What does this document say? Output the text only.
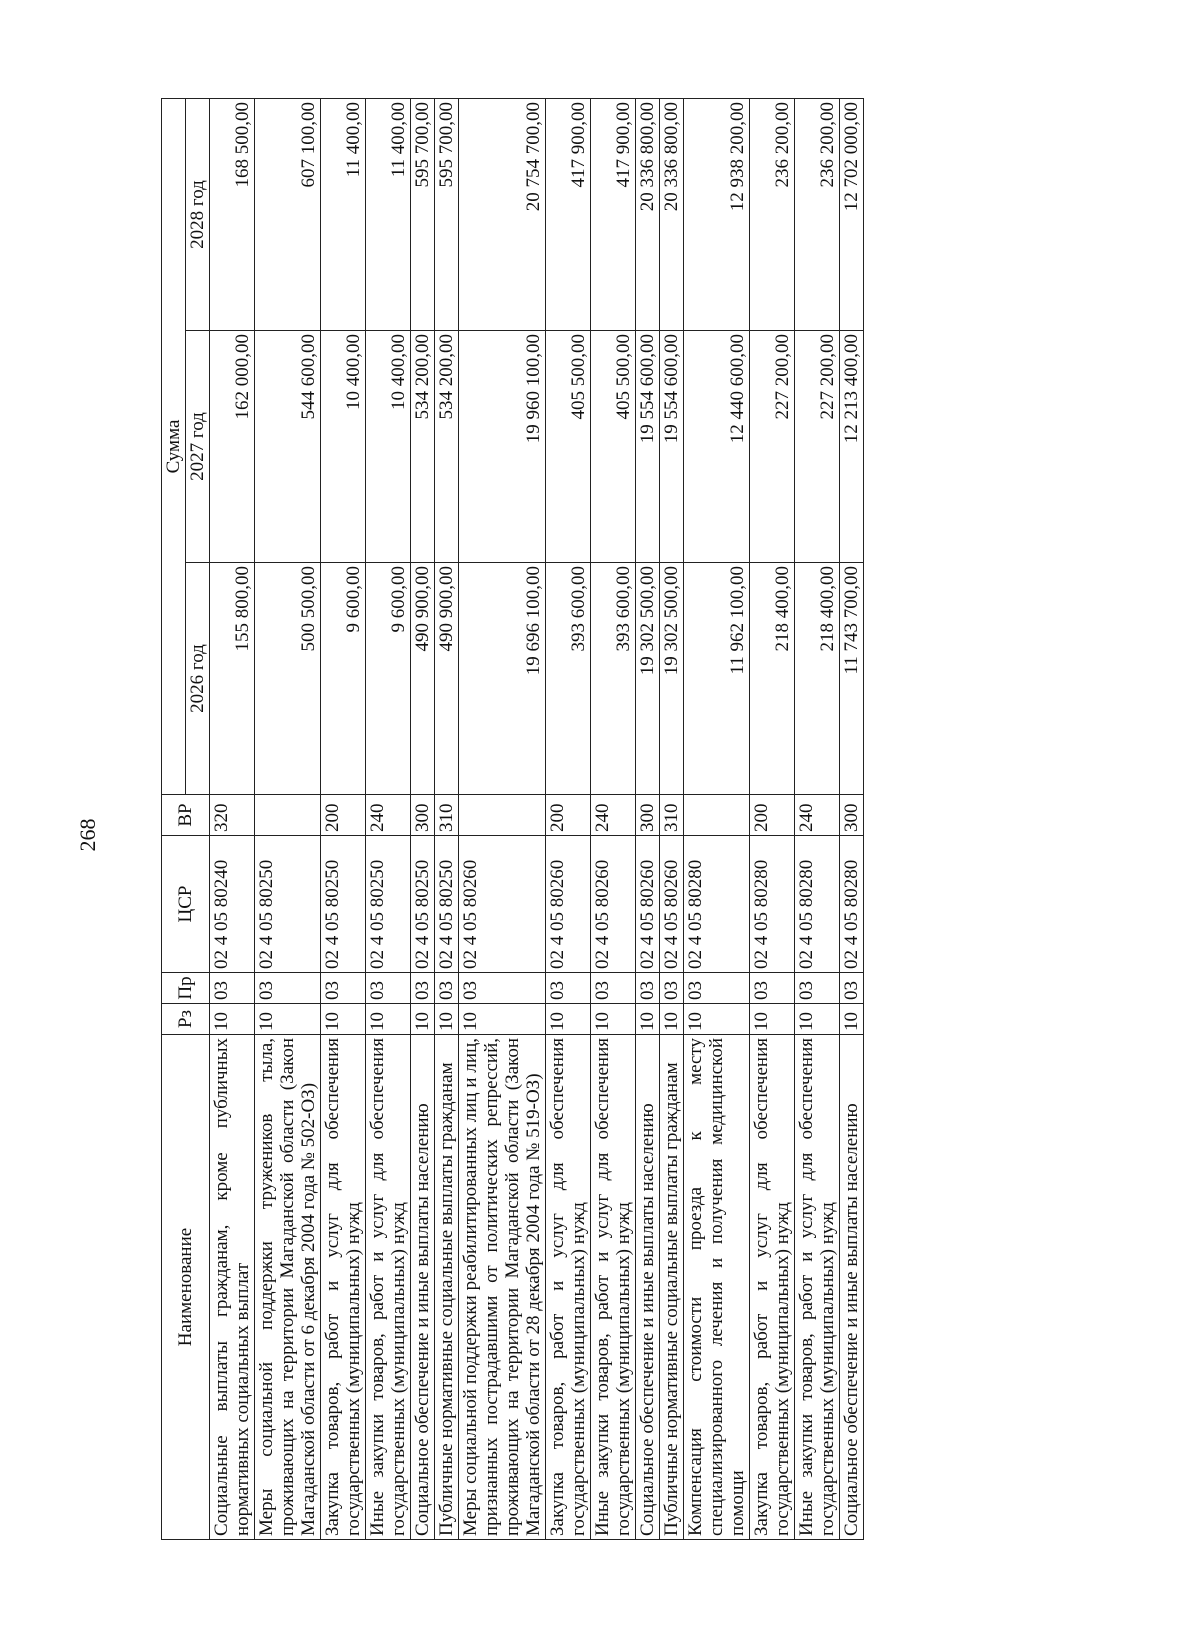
268
Наименование	Рз	Пр	ЦСР	ВР	Сумма		
					2026 год	2027 год	2028 год
Социальные выплаты гражданам, кроме публичных нормативных социальных выплат	10	03	02 4 05 80240	320	155 800,00	162 000,00	168 500,00
Меры социальной поддержки тружеников тыла, проживающих на территории Магаданской области (Закон Магаданской области от 6 декабря 2004 года № 502-ОЗ)	10	03	02 4 05 80250		500 500,00	544 600,00	607 100,00
Закупка товаров, работ и услуг для обеспечения государственных (муниципальных) нужд	10	03	02 4 05 80250	200	9 600,00	10 400,00	11 400,00
Иные закупки товаров, работ и услуг для обеспечения государственных (муниципальных) нужд	10	03	02 4 05 80250	240	9 600,00	10 400,00	11 400,00
Социальное обеспечение и иные выплаты населению	10	03	02 4 05 80250	300	490 900,00	534 200,00	595 700,00
Публичные нормативные социальные выплаты гражданам	10	03	02 4 05 80250	310	490 900,00	534 200,00	595 700,00
Меры социальной поддержки реабилитированных лиц и лиц, признанных пострадавшими от политических репрессий, проживающих на территории Магаданской области (Закон Магаданской области от 28 декабря 2004 года № 519-ОЗ)	10	03	02 4 05 80260		19 696 100,00	19 960 100,00	20 754 700,00
Закупка товаров, работ и услуг для обеспечения государственных (муниципальных) нужд	10	03	02 4 05 80260	200	393 600,00	405 500,00	417 900,00
Иные закупки товаров, работ и услуг для обеспечения государственных (муниципальных) нужд	10	03	02 4 05 80260	240	393 600,00	405 500,00	417 900,00
Социальное обеспечение и иные выплаты населению	10	03	02 4 05 80260	300	19 302 500,00	19 554 600,00	20 336 800,00
Публичные нормативные социальные выплаты гражданам	10	03	02 4 05 80260	310	19 302 500,00	19 554 600,00	20 336 800,00
Компенсация стоимости проезда к месту специализированного лечения и получения медицинской помощи	10	03	02 4 05 80280		11 962 100,00	12 440 600,00	12 938 200,00
Закупка товаров, работ и услуг для обеспечения государственных (муниципальных) нужд	10	03	02 4 05 80280	200	218 400,00	227 200,00	236 200,00
Иные закупки товаров, работ и услуг для обеспечения государственных (муниципальных) нужд	10	03	02 4 05 80280	240	218 400,00	227 200,00	236 200,00
Социальное обеспечение и иные выплаты населению	10	03	02 4 05 80280	300	11 743 700,00	12 213 400,00	12 702 000,00
